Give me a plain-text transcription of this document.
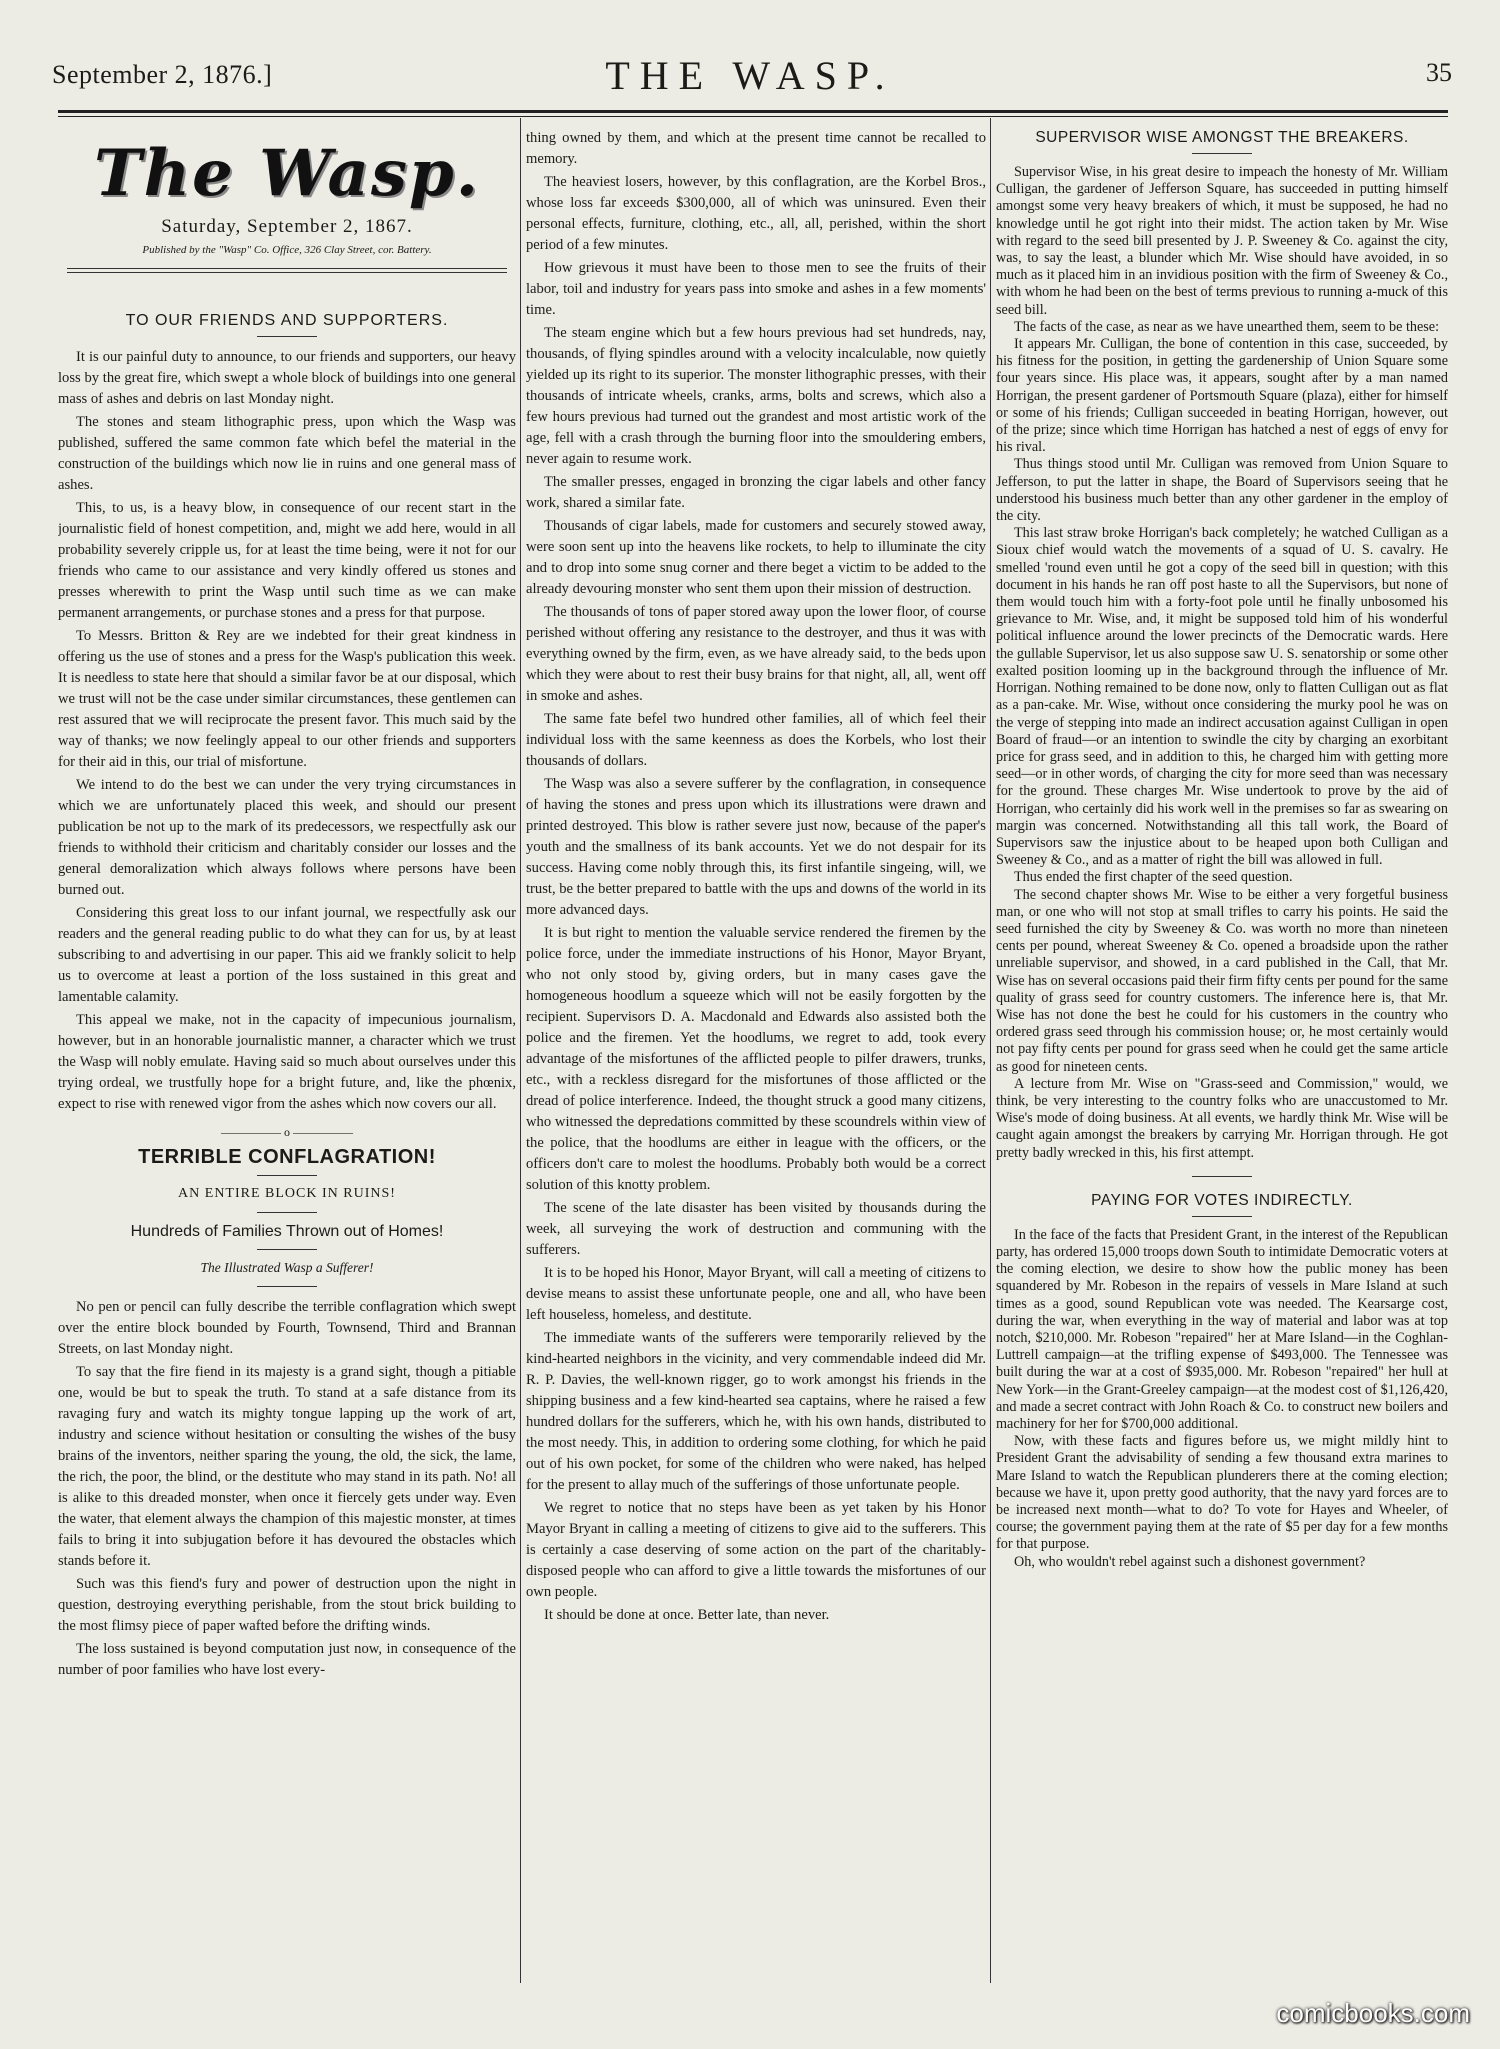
September 2, 1876.]	THE WASP.	35
The Wasp.
Saturday, September 2, 1867.
Published by the "Wasp" Co. Office, 326 Clay Street, cor. Battery.
TO OUR FRIENDS AND SUPPORTERS.

It is our painful duty to announce, to our friends and supporters, our heavy loss by the great fire, which swept a whole block of buildings into one general mass of ashes and debris on last Monday night.

The stones and steam lithographic press, upon which the Wasp was published, suffered the same common fate which befel the material in the construction of the buildings which now lie in ruins and one general mass of ashes.

This, to us, is a heavy blow, in consequence of our recent start in the journalistic field of honest competition, and, might we add here, would in all probability severely cripple us, for at least the time being, were it not for our friends who came to our assistance and very kindly offered us stones and presses wherewith to print the Wasp until such time as we can make permanent arrangements, or purchase stones and a press for that purpose.

To Messrs. Britton & Rey are we indebted for their great kindness in offering us the use of stones and a press for the Wasp's publication this week. It is needless to state here that should a similar favor be at our disposal, which we trust will not be the case under similar circumstances, these gentlemen can rest assured that we will reciprocate the present favor. This much said by the way of thanks; we now feelingly appeal to our other friends and supporters for their aid in this, our trial of misfortune.

We intend to do the best we can under the very trying circumstances in which we are unfortunately placed this week, and should our present publication be not up to the mark of its predecessors, we respectfully ask our friends to withhold their criticism and charitably consider our losses and the general demoralization which always follows where persons have been burned out.

Considering this great loss to our infant journal, we respectfully ask our readers and the general reading public to do what they can for us, by at least subscribing to and advertising in our paper. This aid we frankly solicit to help us to overcome at least a portion of the loss sustained in this great and lamentable calamity.

This appeal we make, not in the capacity of impecunious journalism, however, but in an honorable journalistic manner, a character which we trust the Wasp will nobly emulate. Having said so much about ourselves under this trying ordeal, we trustfully hope for a bright future, and, like the phœnix, expect to rise with renewed vigor from the ashes which now covers our all.

————— o —————
TERRIBLE CONFLAGRATION!
AN ENTIRE BLOCK IN RUINS!
Hundreds of Families Thrown out of Homes!
The Illustrated Wasp a Sufferer!

No pen or pencil can fully describe the terrible conflagration which swept over the entire block bounded by Fourth, Townsend, Third and Brannan Streets, on last Monday night.

To say that the fire fiend in its majesty is a grand sight, though a pitiable one, would be but to speak the truth. To stand at a safe distance from its ravaging fury and watch its mighty tongue lapping up the work of art, industry and science without hesitation or consulting the wishes of the busy brains of the inventors, neither sparing the young, the old, the sick, the lame, the rich, the poor, the blind, or the destitute who may stand in its path. No! all is alike to this dreaded monster, when once it fiercely gets under way. Even the water, that element always the champion of this majestic monster, at times fails to bring it into subjugation before it has devoured the obstacles which stands before it.

Such was this fiend's fury and power of destruction upon the night in question, destroying everything perishable, from the stout brick building to the most flimsy piece of paper wafted before the drifting winds.

The loss sustained is beyond computation just now, in consequence of the number of poor families who have lost every-

thing owned by them, and which at the present time cannot be recalled to memory.

The heaviest losers, however, by this conflagration, are the Korbel Bros., whose loss far exceeds $300,000, all of which was uninsured. Even their personal effects, furniture, clothing, etc., all, all, perished, within the short period of a few minutes.

How grievous it must have been to those men to see the fruits of their labor, toil and industry for years pass into smoke and ashes in a few moments' time.

The steam engine which but a few hours previous had set hundreds, nay, thousands, of flying spindles around with a velocity incalculable, now quietly yielded up its right to its superior. The monster lithographic presses, with their thousands of intricate wheels, cranks, arms, bolts and screws, which also a few hours previous had turned out the grandest and most artistic work of the age, fell with a crash through the burning floor into the smouldering embers, never again to resume work.

The smaller presses, engaged in bronzing the cigar labels and other fancy work, shared a similar fate.

Thousands of cigar labels, made for customers and securely stowed away, were soon sent up into the heavens like rockets, to help to illuminate the city and to drop into some snug corner and there beget a victim to be added to the already devouring monster who sent them upon their mission of destruction.

The thousands of tons of paper stored away upon the lower floor, of course perished without offering any resistance to the destroyer, and thus it was with everything owned by the firm, even, as we have already said, to the beds upon which they were about to rest their busy brains for that night, all, all, went off in smoke and ashes.

The same fate befel two hundred other families, all of which feel their individual loss with the same keenness as does the Korbels, who lost their thousands of dollars.

The Wasp was also a severe sufferer by the conflagration, in consequence of having the stones and press upon which its illustrations were drawn and printed destroyed. This blow is rather severe just now, because of the paper's youth and the smallness of its bank accounts. Yet we do not despair for its success. Having come nobly through this, its first infantile singeing, will, we trust, be the better prepared to battle with the ups and downs of the world in its more advanced days.

It is but right to mention the valuable service rendered the firemen by the police force, under the immediate instructions of his Honor, Mayor Bryant, who not only stood by, giving orders, but in many cases gave the homogeneous hoodlum a squeeze which will not be easily forgotten by the recipient. Supervisors D. A. Macdonald and Edwards also assisted both the police and the firemen. Yet the hoodlums, we regret to add, took every advantage of the misfortunes of the afflicted people to pilfer drawers, trunks, etc., with a reckless disregard for the misfortunes of those afflicted or the dread of police interference. Indeed, the thought struck a good many citizens, who witnessed the depredations committed by these scoundrels within view of the police, that the hoodlums are either in league with the officers, or the officers don't care to molest the hoodlums. Probably both would be a correct solution of this knotty problem.

The scene of the late disaster has been visited by thousands during the week, all surveying the work of destruction and communing with the sufferers.

It is to be hoped his Honor, Mayor Bryant, will call a meeting of citizens to devise means to assist these unfortunate people, one and all, who have been left houseless, homeless, and destitute.

The immediate wants of the sufferers were temporarily relieved by the kind-hearted neighbors in the vicinity, and very commendable indeed did Mr. R. P. Davies, the well-known rigger, go to work amongst his friends in the shipping business and a few kind-hearted sea captains, where he raised a few hundred dollars for the sufferers, which he, with his own hands, distributed to the most needy. This, in addition to ordering some clothing, for which he paid out of his own pocket, for some of the children who were naked, has helped for the present to allay much of the sufferings of those unfortunate people.

We regret to notice that no steps have been as yet taken by his Honor Mayor Bryant in calling a meeting of citizens to give aid to the sufferers. This is certainly a case deserving of some action on the part of the charitably-disposed people who can afford to give a little towards the misfortunes of our own people.

It should be done at once. Better late, than never.

SUPERVISOR WISE AMONGST THE BREAKERS.

Supervisor Wise, in his great desire to impeach the honesty of Mr. William Culligan, the gardener of Jefferson Square, has succeeded in putting himself amongst some very heavy breakers of which, it must be supposed, he had no knowledge until he got right into their midst. The action taken by Mr. Wise with regard to the seed bill presented by J. P. Sweeney & Co. against the city, was, to say the least, a blunder which Mr. Wise should have avoided, in so much as it placed him in an invidious position with the firm of Sweeney & Co., with whom he had been on the best of terms previous to running a-muck of this seed bill.

The facts of the case, as near as we have unearthed them, seem to be these:

It appears Mr. Culligan, the bone of contention in this case, succeeded, by his fitness for the position, in getting the gardenership of Union Square some four years since. His place was, it appears, sought after by a man named Horrigan, the present gardener of Portsmouth Square (plaza), either for himself or some of his friends; Culligan succeeded in beating Horrigan, however, out of the prize; since which time Horrigan has hatched a nest of eggs of envy for his rival.

Thus things stood until Mr. Culligan was removed from Union Square to Jefferson, to put the latter in shape, the Board of Supervisors seeing that he understood his business much better than any other gardener in the employ of the city.

This last straw broke Horrigan's back completely; he watched Culligan as a Sioux chief would watch the movements of a squad of U. S. cavalry. He smelled 'round even until he got a copy of the seed bill in question; with this document in his hands he ran off post haste to all the Supervisors, but none of them would touch him with a forty-foot pole until he finally unbosomed his grievance to Mr. Wise, and, it might be supposed told him of his wonderful political influence around the lower precincts of the Democratic wards. Here the gullable Supervisor, let us also suppose saw U. S. senatorship or some other exalted position looming up in the background through the influence of Mr. Horrigan. Nothing remained to be done now, only to flatten Culligan out as flat as a pan-cake. Mr. Wise, without once considering the murky pool he was on the verge of stepping into made an indirect accusation against Culligan in open Board of fraud—or an intention to swindle the city by charging an exorbitant price for grass seed, and in addition to this, he charged him with getting more seed—or in other words, of charging the city for more seed than was necessary for the ground. These charges Mr. Wise undertook to prove by the aid of Horrigan, who certainly did his work well in the premises so far as swearing on margin was concerned. Notwithstanding all this tall work, the Board of Supervisors saw the injustice about to be heaped upon both Culligan and Sweeney & Co., and as a matter of right the bill was allowed in full.

Thus ended the first chapter of the seed question.

The second chapter shows Mr. Wise to be either a very forgetful business man, or one who will not stop at small trifles to carry his points. He said the seed furnished the city by Sweeney & Co. was worth no more than nineteen cents per pound, whereat Sweeney & Co. opened a broadside upon the rather unreliable supervisor, and showed, in a card published in the Call, that Mr. Wise has on several occasions paid their firm fifty cents per pound for the same quality of grass seed for country customers. The inference here is, that Mr. Wise has not done the best he could for his customers in the country who ordered grass seed through his commission house; or, he most certainly would not pay fifty cents per pound for grass seed when he could get the same article as good for nineteen cents.

A lecture from Mr. Wise on "Grass-seed and Commission," would, we think, be very interesting to the country folks who are unaccustomed to Mr. Wise's mode of doing business. At all events, we hardly think Mr. Wise will be caught again amongst the breakers by carrying Mr. Horrigan through. He got pretty badly wrecked in this, his first attempt.

PAYING FOR VOTES INDIRECTLY.

In the face of the facts that President Grant, in the interest of the Republican party, has ordered 15,000 troops down South to intimidate Democratic voters at the coming election, we desire to show how the public money has been squandered by Mr. Robeson in the repairs of vessels in Mare Island at such times as a good, sound Republican vote was needed. The Kearsarge cost, during the war, when everything in the way of material and labor was at top notch, $210,000. Mr. Robeson "repaired" her at Mare Island—in the Coghlan-Luttrell campaign—at the trifling expense of $493,000. The Tennessee was built during the war at a cost of $935,000. Mr. Robeson "repaired" her hull at New York—in the Grant-Greeley campaign—at the modest cost of $1,126,420, and made a secret contract with John Roach & Co. to construct new boilers and machinery for her for $700,000 additional.

Now, with these facts and figures before us, we might mildly hint to President Grant the advisability of sending a few thousand extra marines to Mare Island to watch the Republican plunderers there at the coming election; because we have it, upon pretty good authority, that the navy yard forces are to be increased next month—what to do? To vote for Hayes and Wheeler, of course; the government paying them at the rate of $5 per day for a few months for that purpose.

Oh, who wouldn't rebel against such a dishonest government?

comicbooks.com
